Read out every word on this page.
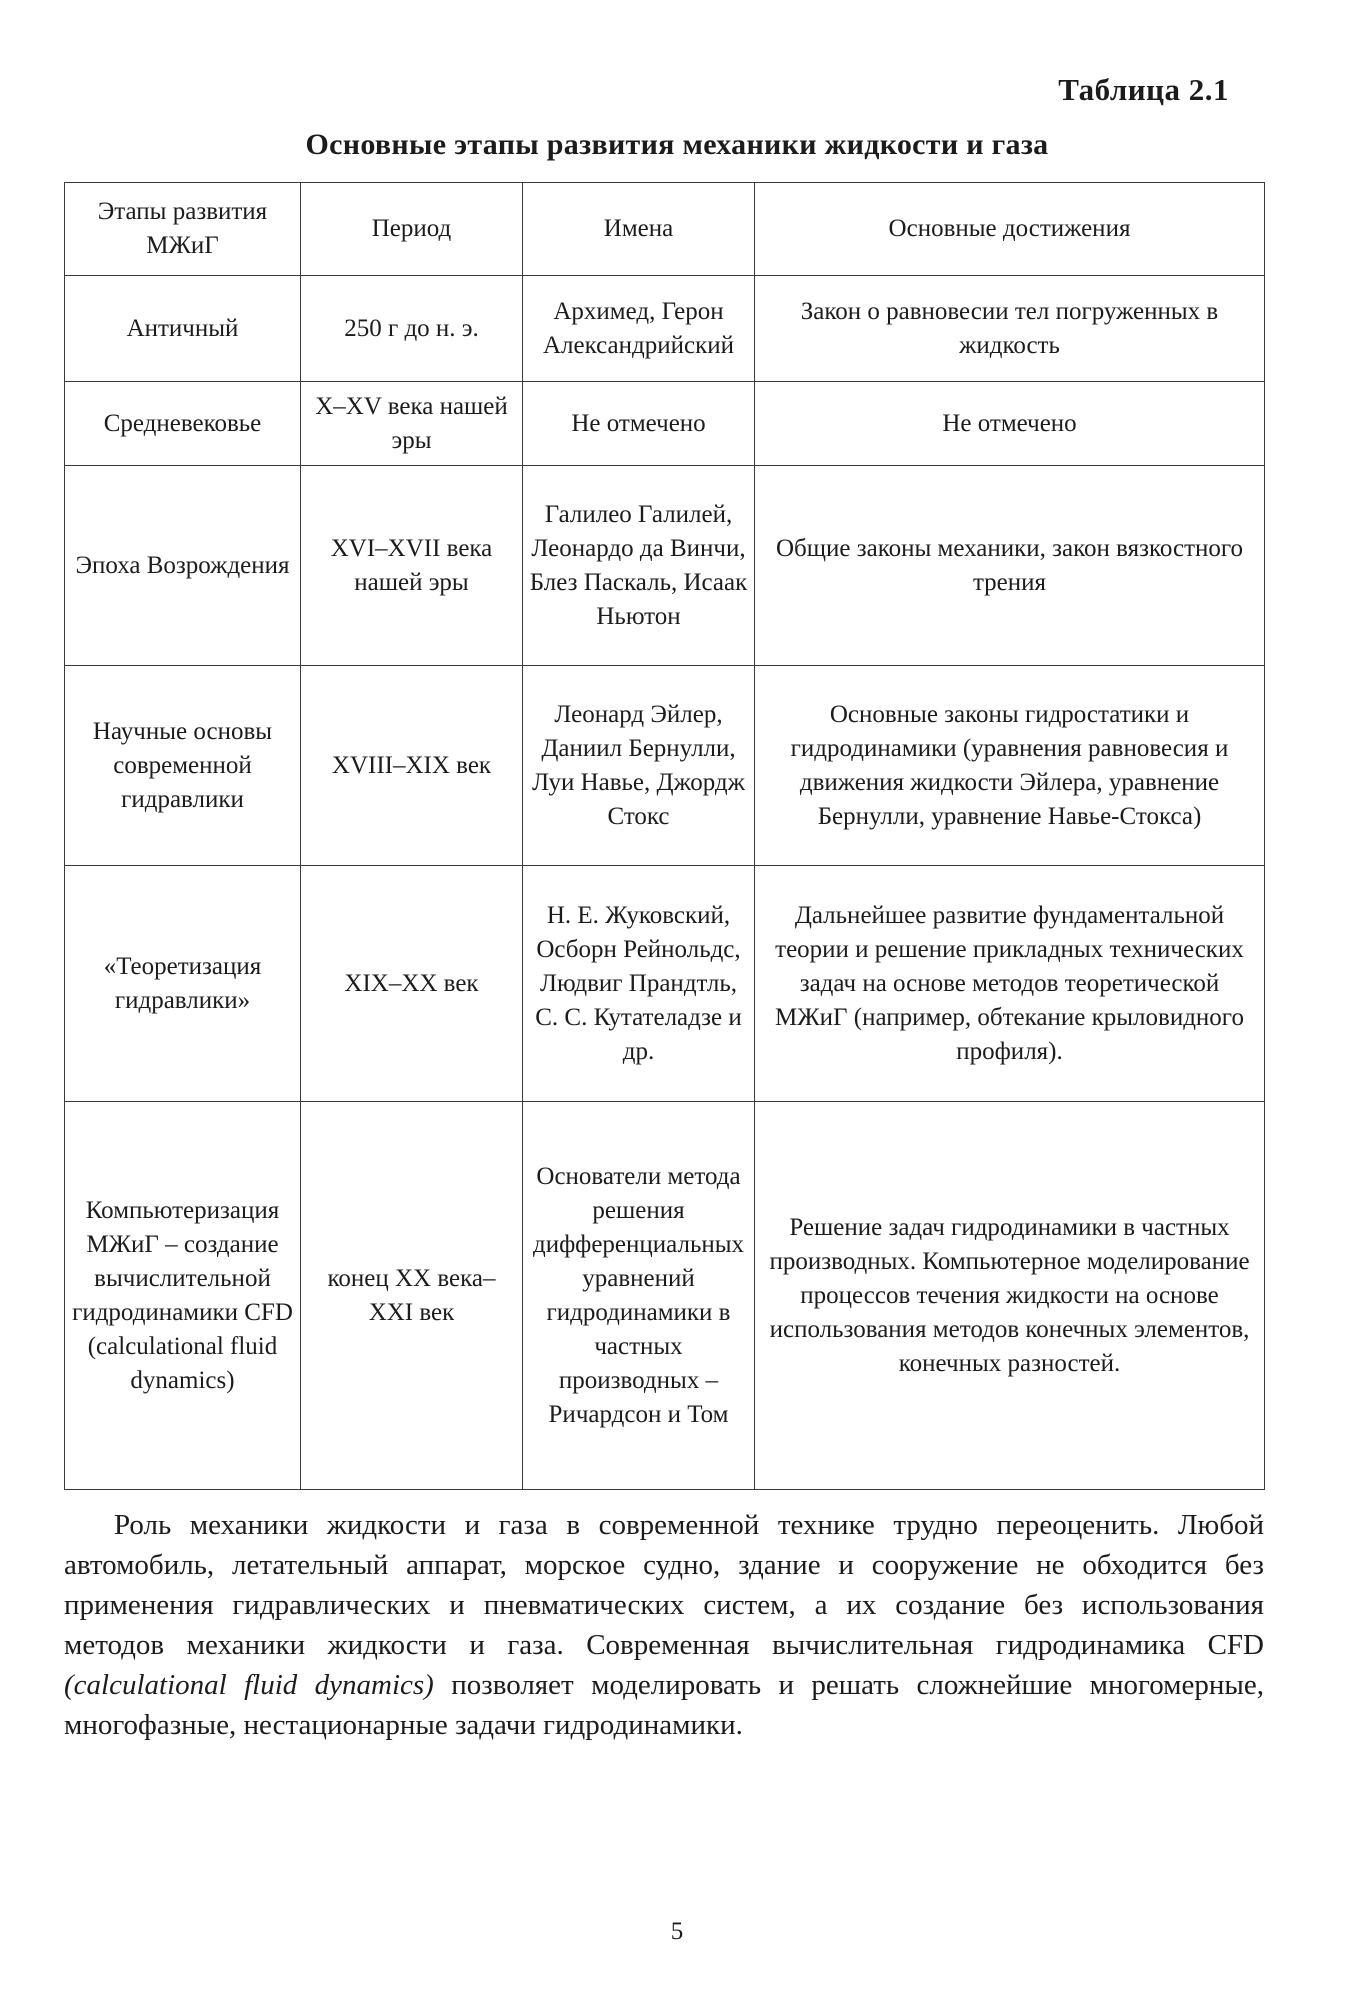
Таблица 2.1
Основные этапы развития механики жидкости и газа
Этапы развития МЖиГ	Период	Имена	Основные достижения
Античный	250 г до н. э.	Архимед, Герон Александрийский	Закон о равновесии тел погруженных в жидкость
Средневековье	X–XV века нашей эры	Не отмечено	Не отмечено
Эпоха Возрождения	XVI–XVII века нашей эры	Галилео Галилей, Леонардо да Винчи, Блез Паскаль, Исаак Ньютон	Общие законы механики, закон вязкостного трения
Научные основы современной гидравлики	XVIII–XIX век	Леонард Эйлер, Даниил Бернулли, Луи Навье, Джордж Стокс	Основные законы гидростатики и гидродинамики (уравнения равновесия и движения жидкости Эйлера, уравнение Бернулли, уравнение Навье-Стокса)
«Теоретизация гидравлики»	XIX–XX век	Н. Е. Жуковский, Осборн Рейнольдс, Людвиг Прандтль, С. С. Кутателадзе и др.	Дальнейшее развитие фундаментальной теории и решение прикладных технических задач на основе методов теоретической МЖиГ (например, обтекание крыловидного профиля).
Компьютеризация МЖиГ – создание вычислительной гидродинамики CFD (calculational fluid dynamics)	конец XX века–XXI век	Основатели метода решения дифференциальных уравнений гидродинамики в частных производных – Ричардсон и Том	Решение задач гидродинамики в частных производных. Компьютерное моделирование процессов течения жидкости на основе использования методов конечных элементов, конечных разностей.

Роль механики жидкости и газа в современной технике трудно переоценить. Любой автомобиль, летательный аппарат, морское судно, здание и сооружение не обходится без применения гидравлических и пневматических систем, а их создание без использования методов механики жидкости и газа. Современная вычислительная гидродинамика CFD (calculational fluid dynamics) позволяет моделировать и решать сложнейшие многомерные, многофазные, нестационарные задачи гидродинамики.

5
